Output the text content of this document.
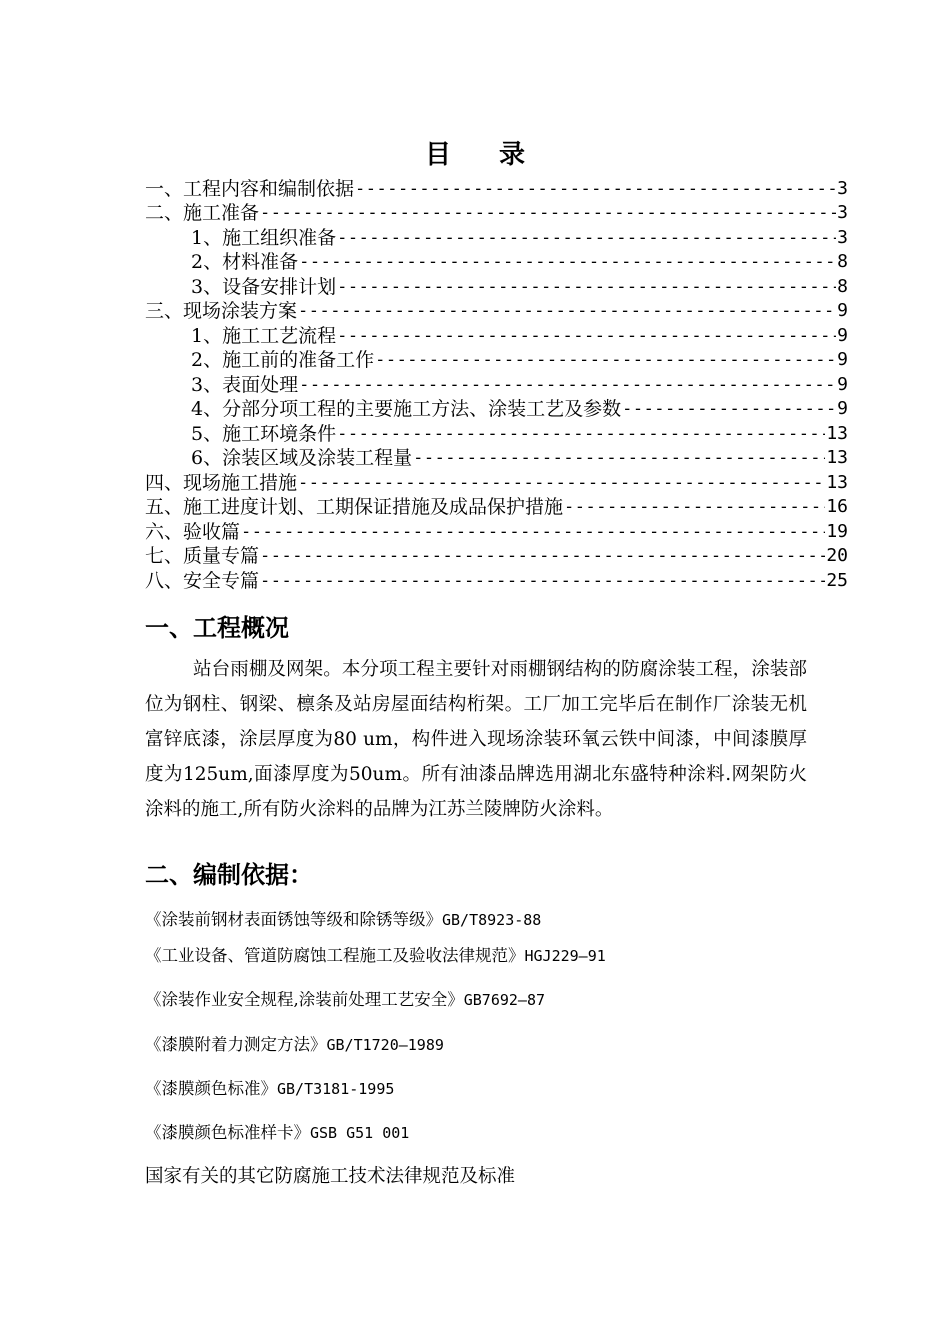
目录
一、工程内容和编制依据 -----	3
二、施工准备 -----	3
1、施工组织准备 -----	3
2、材料准备 -----	8
3、设备安排计划 -----	8
三、现场涂装方案 -----	9
1、施工工艺流程 -----	9
2、施工前的准备工作 -----	9
3、表面处理 -----	9
4、分部分项工程的主要施工方法、涂装工艺及参数 -----	9
5、施工环境条件 -----	13
6、涂装区域及涂装工程量 -----	13
四、现场施工措施 -----	13
五、施工进度计划、工期保证措施及成品保护措施 -----	16
六、验收篇 -----	19
七、质量专篇 -----	20
八、安全专篇 -----	25
一、工程概况

站台雨棚及网架。本分项工程主要针对雨棚钢结构的防腐涂装工程，涂装部位为钢柱、钢梁、檩条及站房屋面结构桁架。工厂加工完毕后在制作厂涂装无机富锌底漆，涂层厚度为80 um，构件进入现场涂装环氧云铁中间漆，中间漆膜厚度为125um,面漆厚度为50um。所有油漆品牌选用湖北东盛特种涂料.网架防火涂料的施工,所有防火涂料的品牌为江苏兰陵牌防火涂料。

二、编制依据：

《涂装前钢材表面锈蚀等级和除锈等级》GB/T8923-88

《工业设备、管道防腐蚀工程施工及验收法律规范》HGJ229—91

《涂装作业安全规程,涂装前处理工艺安全》GB7692—87

《漆膜附着力测定方法》GB/T1720—1989

《漆膜颜色标准》GB/T3181-1995

《漆膜颜色标准样卡》GSB G51 001

国家有关的其它防腐施工技术法律规范及标准
